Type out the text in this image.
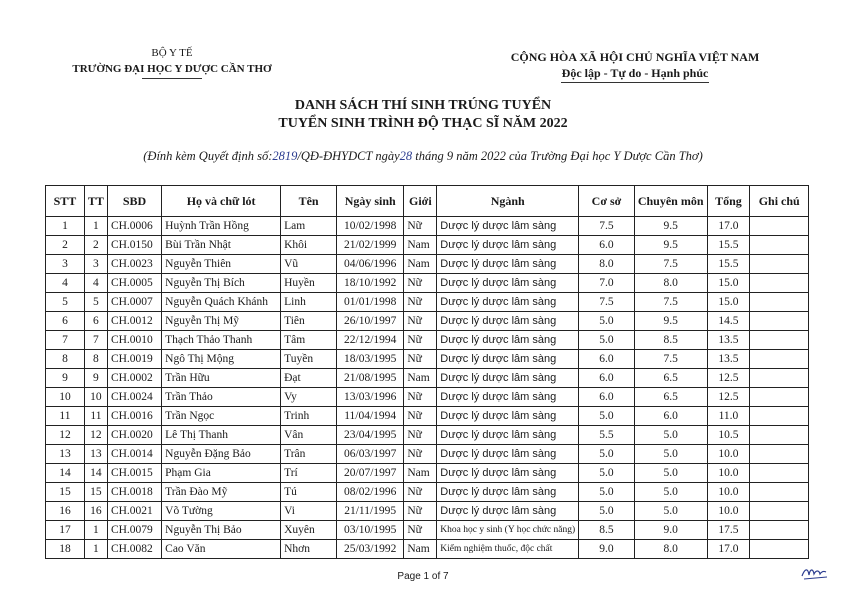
BỘ Y TẾ
TRƯỜNG ĐẠI HỌC Y DƯỢC CẦN THƠ
CỘNG HÒA XÃ HỘI CHỦ NGHĨA VIỆT NAM
Độc lập - Tự do - Hạnh phúc
DANH SÁCH THÍ SINH TRÚNG TUYỂN
TUYỂN SINH TRÌNH ĐỘ THẠC SĨ NĂM 2022
(Đính kèm Quyết định số:2819/QĐ-ĐHYDCT ngày28 tháng 9 năm 2022 của Trường Đại học Y Dược Cần Thơ)
STT	TT	SBD	Họ và chữ lót	Tên	Ngày sinh	Giới	Ngành	Cơ sở	Chuyên môn	Tổng	Ghi chú
1	1	CH.0006	Huỳnh Trần Hồng	Lam	10/02/1998	Nữ	Dược lý dược lâm sàng	7.5	9.5	17.0	
2	2	CH.0150	Bùi Trần Nhật	Khôi	21/02/1999	Nam	Dược lý dược lâm sàng	6.0	9.5	15.5	
3	3	CH.0023	Nguyễn Thiên	Vũ	04/06/1996	Nam	Dược lý dược lâm sàng	8.0	7.5	15.5	
4	4	CH.0005	Nguyễn Thị Bích	Huyền	18/10/1992	Nữ	Dược lý dược lâm sàng	7.0	8.0	15.0	
5	5	CH.0007	Nguyễn Quách Khánh	Linh	01/01/1998	Nữ	Dược lý dược lâm sàng	7.5	7.5	15.0	
6	6	CH.0012	Nguyễn Thị Mỹ	Tiên	26/10/1997	Nữ	Dược lý dược lâm sàng	5.0	9.5	14.5	
7	7	CH.0010	Thạch Thảo Thanh	Tâm	22/12/1994	Nữ	Dược lý dược lâm sàng	5.0	8.5	13.5	
8	8	CH.0019	Ngô Thị Mộng	Tuyền	18/03/1995	Nữ	Dược lý dược lâm sàng	6.0	7.5	13.5	
9	9	CH.0002	Trần Hữu	Đạt	21/08/1995	Nam	Dược lý dược lâm sàng	6.0	6.5	12.5	
10	10	CH.0024	Trần Thảo	Vy	13/03/1996	Nữ	Dược lý dược lâm sàng	6.0	6.5	12.5	
11	11	CH.0016	Trần Ngọc	Trinh	11/04/1994	Nữ	Dược lý dược lâm sàng	5.0	6.0	11.0	
12	12	CH.0020	Lê Thị Thanh	Vân	23/04/1995	Nữ	Dược lý dược lâm sàng	5.5	5.0	10.5	
13	13	CH.0014	Nguyễn Đặng Bảo	Trân	06/03/1997	Nữ	Dược lý dược lâm sàng	5.0	5.0	10.0	
14	14	CH.0015	Phạm Gia	Trí	20/07/1997	Nam	Dược lý dược lâm sàng	5.0	5.0	10.0	
15	15	CH.0018	Trần Đào Mỹ	Tú	08/02/1996	Nữ	Dược lý dược lâm sàng	5.0	5.0	10.0	
16	16	CH.0021	Võ Tường	Vi	21/11/1995	Nữ	Dược lý dược lâm sàng	5.0	5.0	10.0	
17	1	CH.0079	Nguyễn Thị Bảo	Xuyên	03/10/1995	Nữ	Khoa học y sinh (Y học chức năng)	8.5	9.0	17.5	
18	1	CH.0082	Cao Văn	Nhơn	25/03/1992	Nam	Kiểm nghiệm thuốc, độc chất	9.0	8.0	17.0	
Page 1 of 7
